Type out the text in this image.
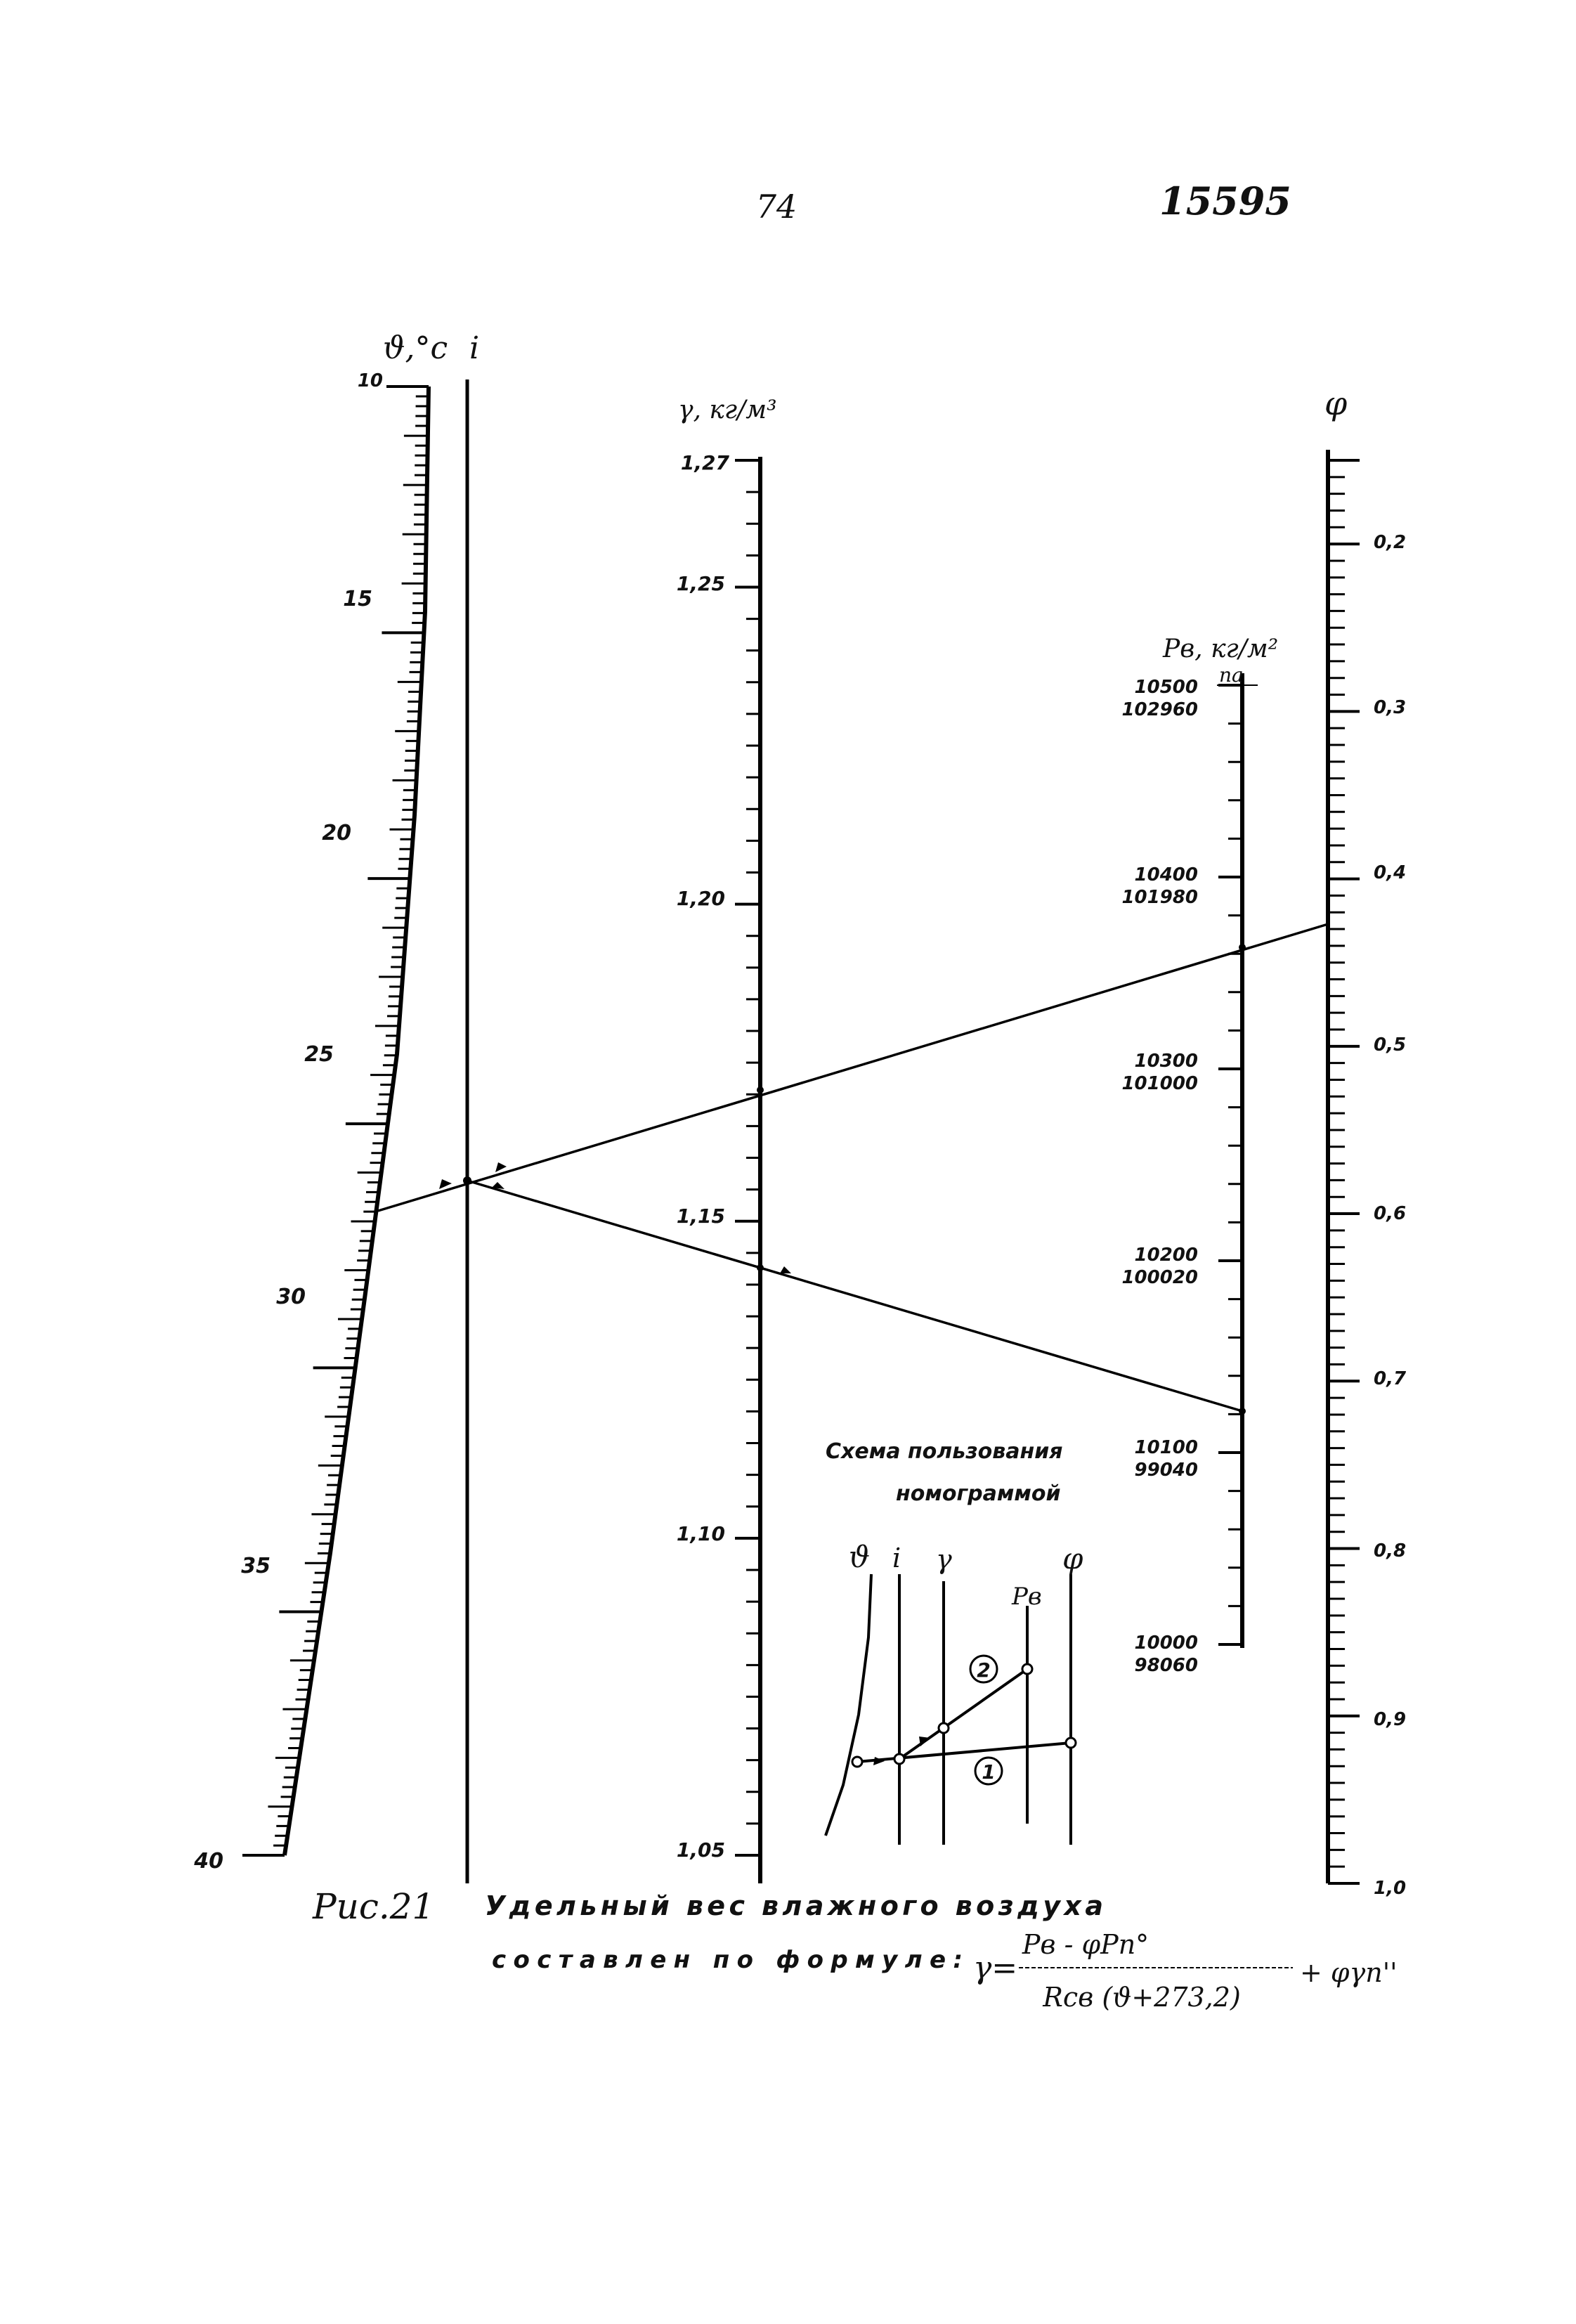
74	15595
ϑ,°c
10
15
20
25
30
35
40
i
γ, кг/м³
1,27
1,25
1,20
1,15
1,10
1,05
Pв, кг/м²
па
10500
102960
10400
101980
10300
101000
10200
100020
10100
99040
10000
98060
φ
0,2
0,3
0,4
0,5
0,6
0,7
0,8
0,9
1,0
Схема пользования
номограммой
ϑ i γ
Pв
φ
2
1
Рис.21 Удельный вес влажного воздуха
составлен по формуле: γ=
Pв - φPп°
Rсв (ϑ+273,2)
+ φγп''
